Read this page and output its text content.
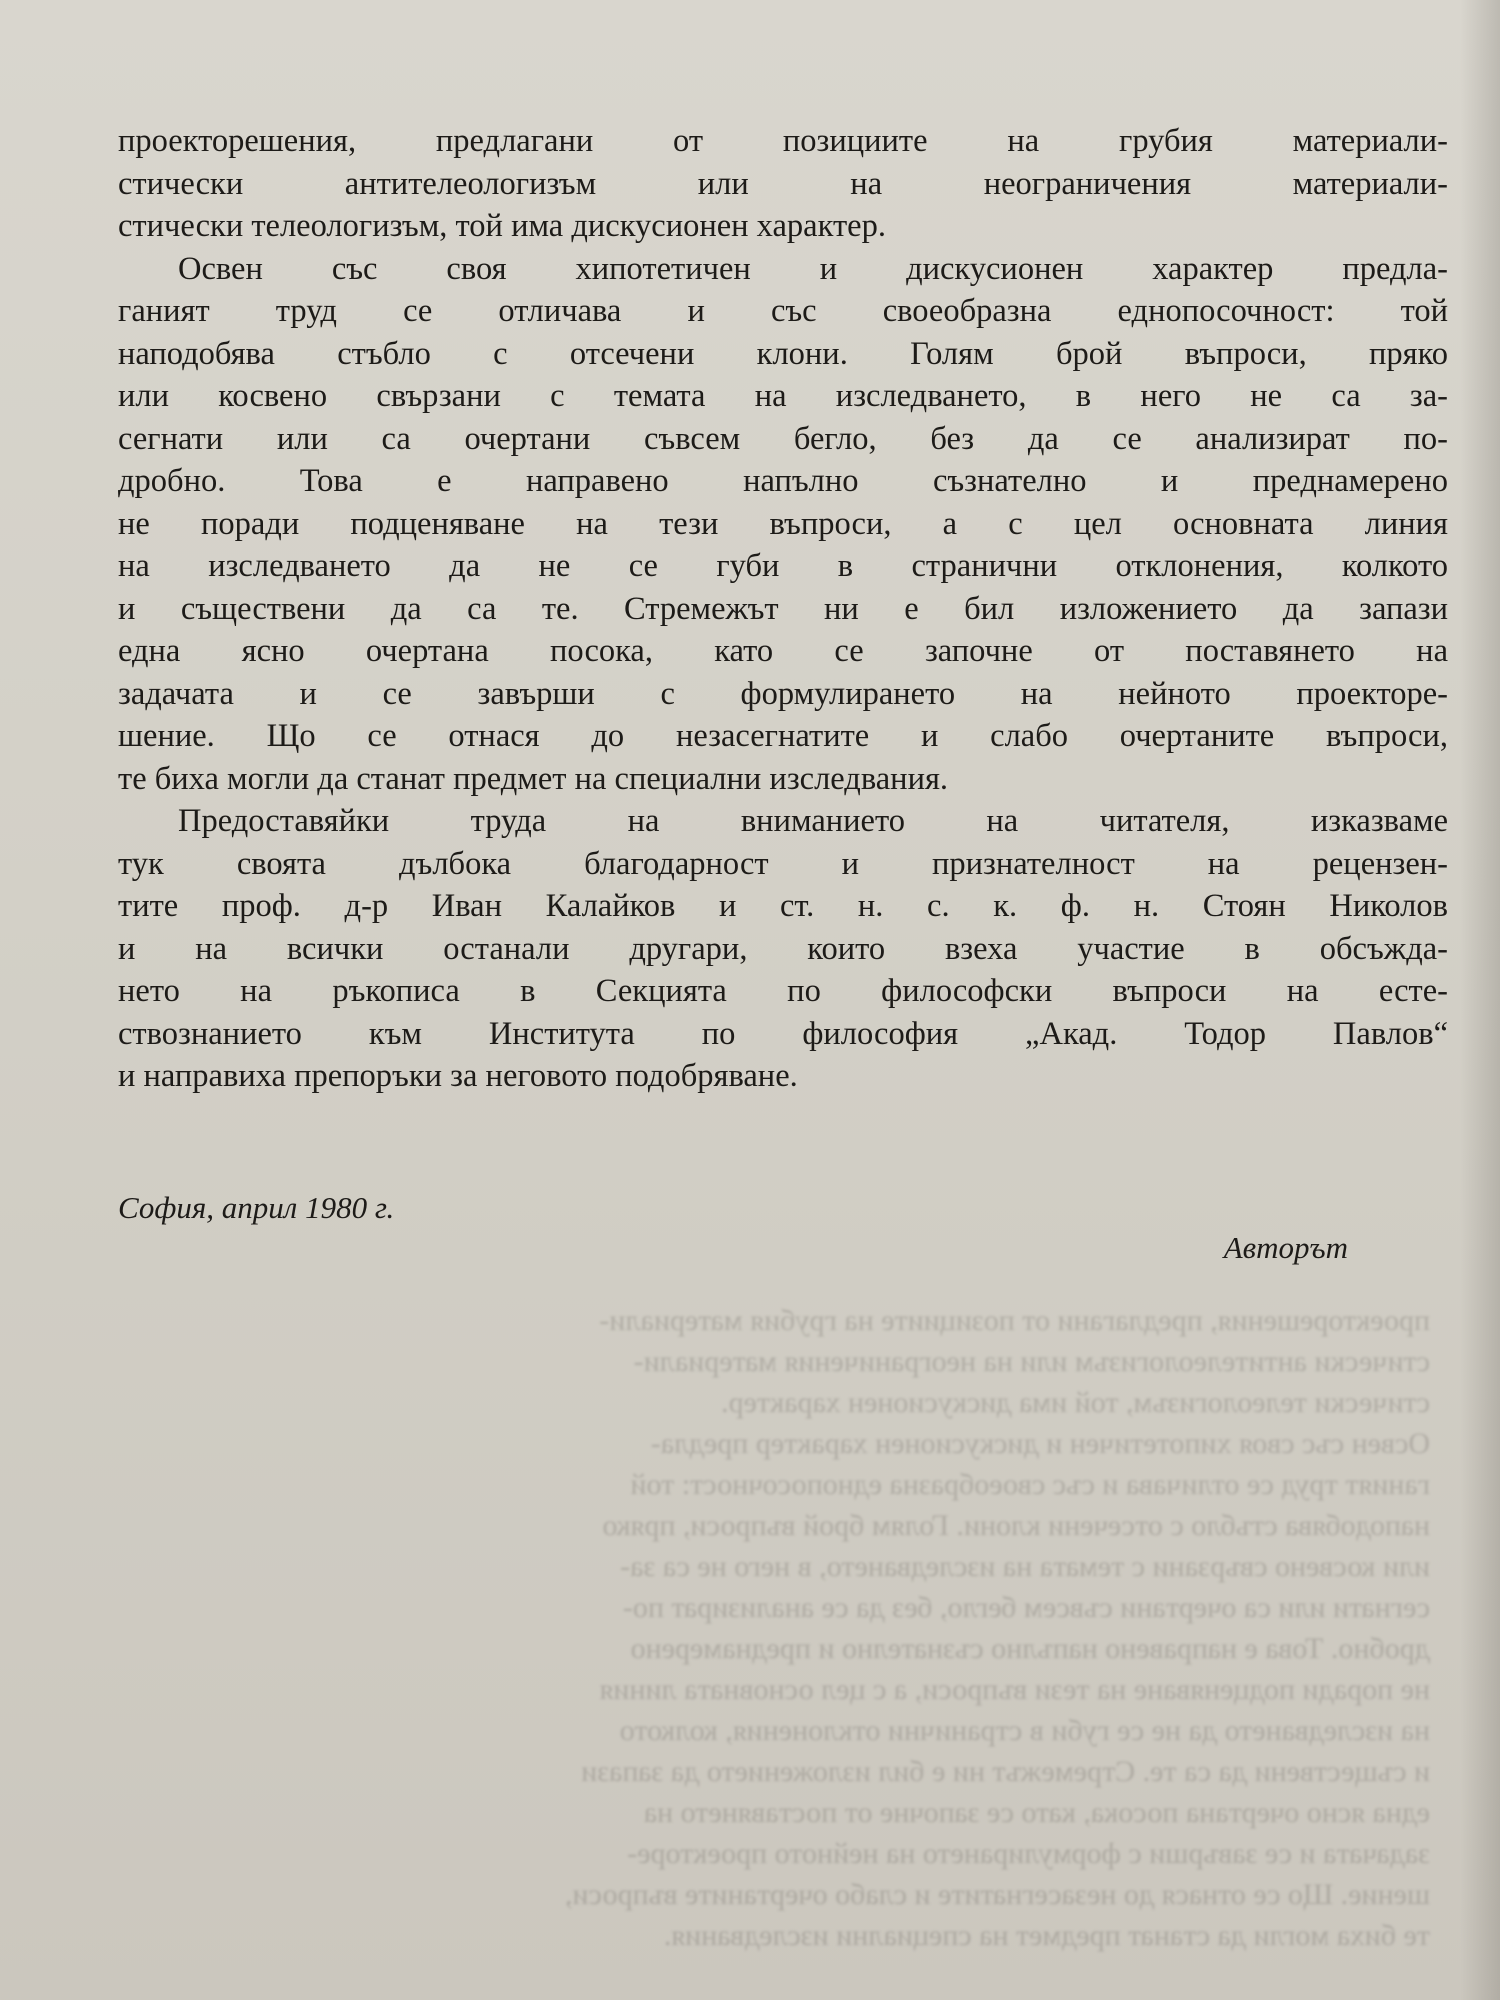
проекторешения, предлагани от позициите на грубия материали-
стически антителеологизъм или на неограничения материали-
стически телеологизъм, той има дискусионен характер.
Освен със своя хипотетичен и дискусионен характер предла-
ганият труд се отличава и със своеобразна еднопосочност: той
наподобява стъбло с отсечени клони. Голям брой въпроси, пряко
или косвено свързани с темата на изследването, в него не са за-
сегнати или са очертани съвсем бегло, без да се анализират по-
дробно. Това е направено напълно съзнателно и преднамерено
не поради подценяване на тези въпроси, а с цел основната линия
на изследването да не се губи в странични отклонения, колкото
и съществени да са те. Стремежът ни е бил изложението да запази
една ясно очертана посока, като се започне от поставянето на
задачата и се завърши с формулирането на нейното проекторе-
шение. Що се отнася до незасегнатите и слабо очертаните въпроси,
те биха могли да станат предмет на специални изследвания.
Предоставяйки труда на вниманието на читателя, изказваме
тук своята дълбока благодарност и признателност на рецензен-
тите проф. д-р Иван Калайков и ст. н. с. к. ф. н. Стоян Николов
и на всички останали другари, които взеха участие в обсъжда-
нето на ръкописа в Секцията по философски въпроси на есте-
ствознанието към Института по философия „Акад. Тодор Павлов“
и направиха препоръки за неговото подобряване.
София, април 1980 г.
Авторът
проекторешения, предлагани от позициите на грубия материали-
стически антителеологизъм или на неограничения материали-
стически телеологизъм, той има дискусионен характер.
Освен със своя хипотетичен и дискусионен характер предла-
ганият труд се отличава и със своеобразна еднопосочност: той
наподобява стъбло с отсечени клони. Голям брой въпроси, пряко
или косвено свързани с темата на изследването, в него не са за-
сегнати или са очертани съвсем бегло, без да се анализират по-
дробно. Това е направено напълно съзнателно и преднамерено
не поради подценяване на тези въпроси, а с цел основната линия
на изследването да не се губи в странични отклонения, колкото
и съществени да са те. Стремежът ни е бил изложението да запази
една ясно очертана посока, като се започне от поставянето на
задачата и се завърши с формулирането на нейното проекторе-
шение. Що се отнася до незасегнатите и слабо очертаните въпроси,
те биха могли да станат предмет на специални изследвания.
